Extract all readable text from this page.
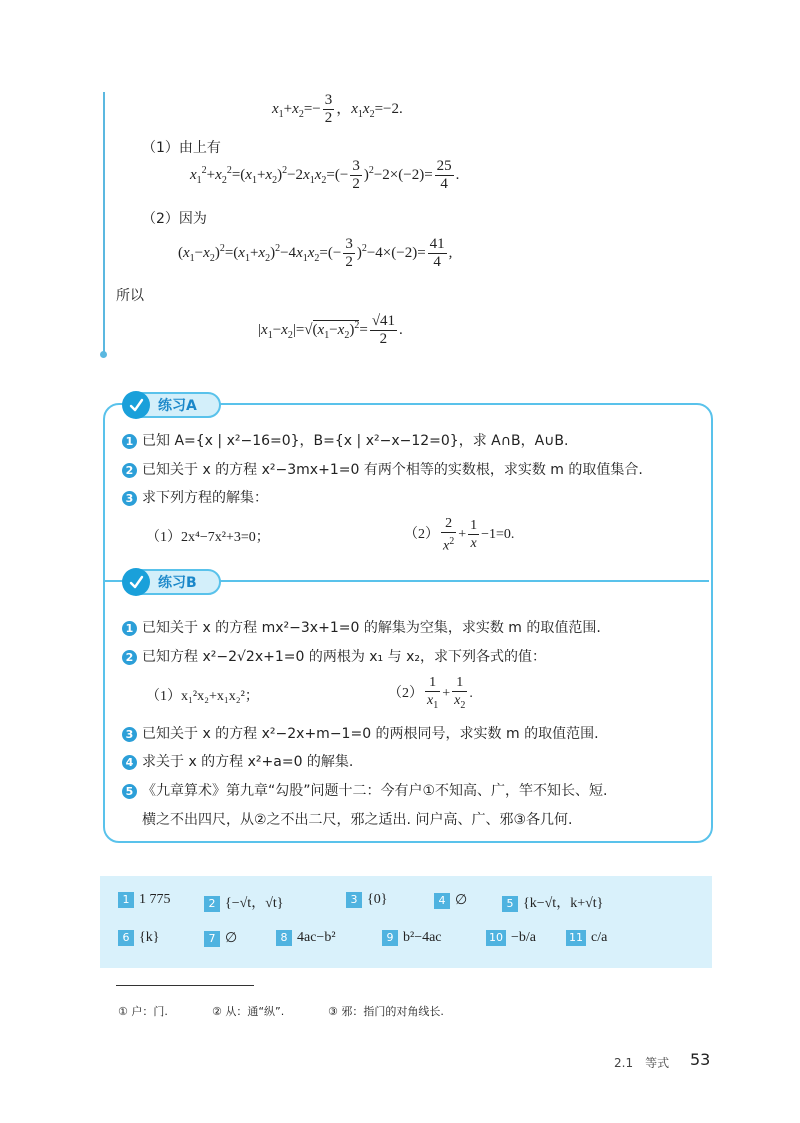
$x_1+x_2=- \frac{3}{2}$ ，$x_1x_2=-2$.
（1）由上有
$x_1^2+x_2^2=(x_1+x_2)^2-2x_1x_2=(- \frac{3}{2} )^2-2\times(-2)= \frac{25}{4}$ .
（2）因为
$(x_1-x_2)^2=(x_1+x_2)^2-4x_1x_2=(- \frac{3}{2} )^2-4\times(-2)= \frac{41}{4}$ ,
所以
$|x_1-x_2|=√(x_1-x_2)^2= \frac{√41}{2}$ .
练习A
1 已知 A={x | x²−16=0}，B={x | x²−x−12=0}，求 A∩B，A∪B.
2 已知关于 x 的方程 x²−3mx+1=0 有两个相等的实数根，求实数 m 的取值集合.
3 求下列方程的解集：
（1）2x⁴−7x²+3=0；	$(2) \frac{2}{x^2} + \frac{1}{x} -1=0$.
练习B
1 已知关于 x 的方程 mx²−3x+1=0 的解集为空集，求实数 m 的取值范围.
2 已知方程 x²−2√2x+1=0 的两根为 x₁ 与 x₂，求下列各式的值：
（1）x₁²x₂+x₁x₂²；	$(2) \frac{1}{x_1} + \frac{1}{x_2}$ .
3 已知关于 x 的方程 x²−2x+m−1=0 的两根同号，求实数 m 的取值范围.
4 求关于 x 的方程 x²+a=0 的解集.
5 《九章算术》第九章“勾股”问题十二：今有户①不知高、广，竿不知长、短.
横之不出四尺，从②之不出二尺，邪之适出. 问户高、广、邪③各几何.
1 1 775	2 {−√t，√t}	3 {0}	4 ∅	5 {k−√t，k+√t}
6 {k}	7 ∅	8 4ac−b²	9 b²−4ac	10 −b/a	11 c/a
① 户：门.	② 从：通“纵”.	③ 邪：指门的对角线长.
2.1　等式 53
